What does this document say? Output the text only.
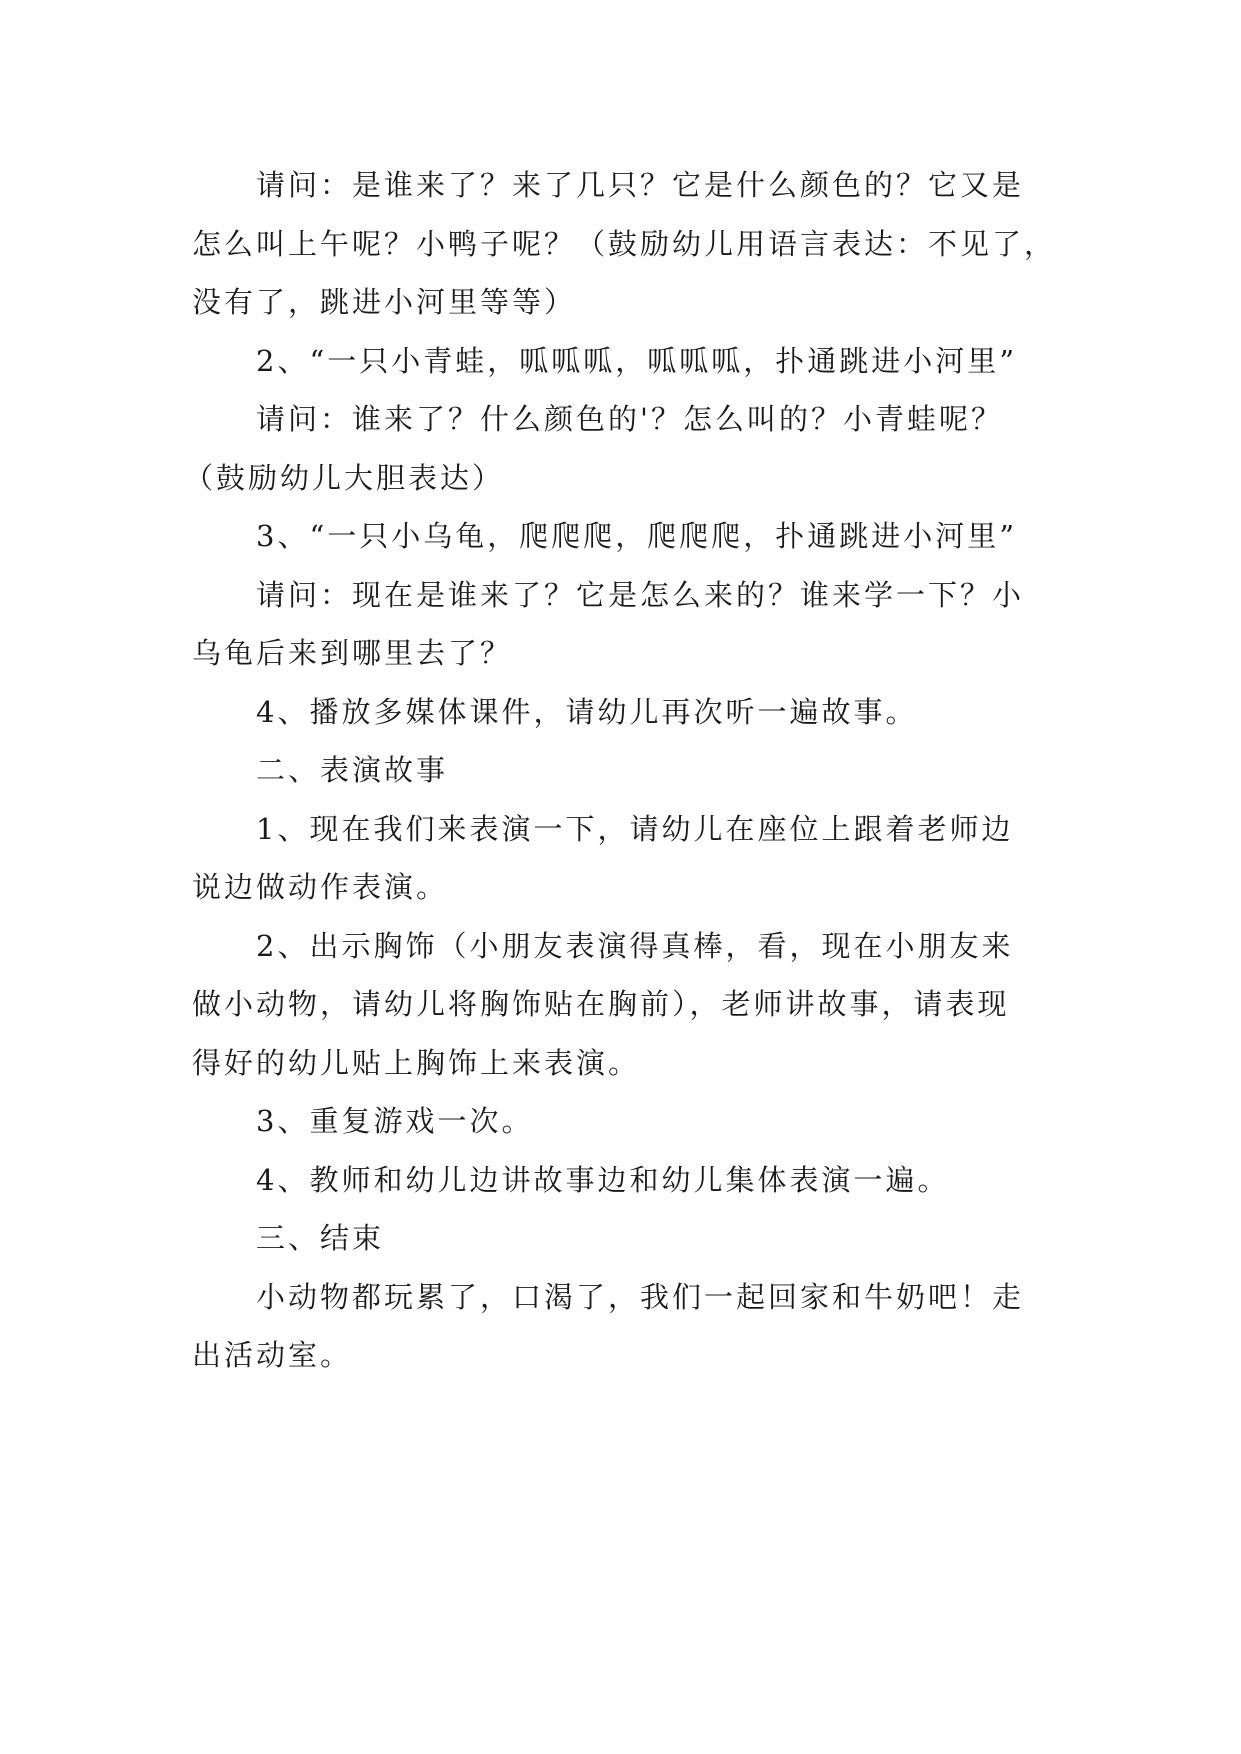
请问：是谁来了？来了几只？它是什么颜色的？它又是
怎么叫上午呢？小鸭子呢？（鼓励幼儿用语言表达：不见了，
没有了，跳进小河里等等）
2、“一只小青蛙，呱呱呱，呱呱呱，扑通跳进小河里”
请问：谁来了？什么颜色的'？怎么叫的？小青蛙呢？
（鼓励幼儿大胆表达）
3、“一只小乌龟，爬爬爬，爬爬爬，扑通跳进小河里”
请问：现在是谁来了？它是怎么来的？谁来学一下？小
乌龟后来到哪里去了？
4、播放多媒体课件，请幼儿再次听一遍故事。
二、表演故事
1、现在我们来表演一下，请幼儿在座位上跟着老师边
说边做动作表演。
2、出示胸饰（小朋友表演得真棒，看，现在小朋友来
做小动物，请幼儿将胸饰贴在胸前），老师讲故事，请表现
得好的幼儿贴上胸饰上来表演。
3、重复游戏一次。
4、教师和幼儿边讲故事边和幼儿集体表演一遍。
三、结束
小动物都玩累了，口渴了，我们一起回家和牛奶吧！走
出活动室。
